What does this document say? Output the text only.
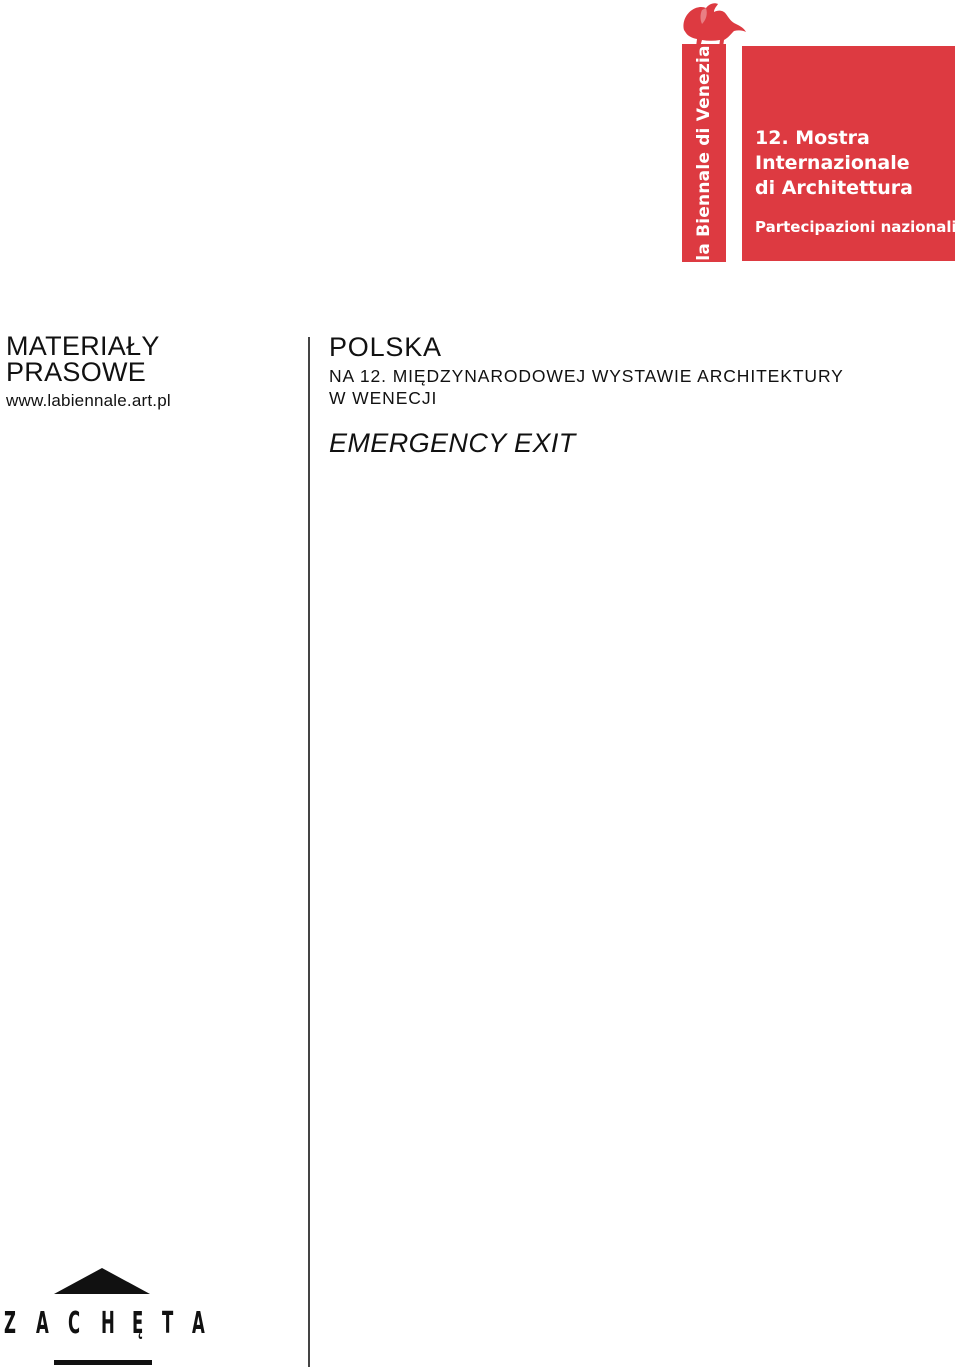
la Biennale di Venezia 12. Mostra
Internazionale
di Architettura
Partecipazioni nazionali
MATERIAŁY
PRASOWE
www.labiennale.art.pl
POLSKA
NA 12. MIĘDZYNARODOWEJ WYSTAWIE ARCHITEKTURY
W WENECJI
EMERGENCY EXIT
Z A C H Ę T A
